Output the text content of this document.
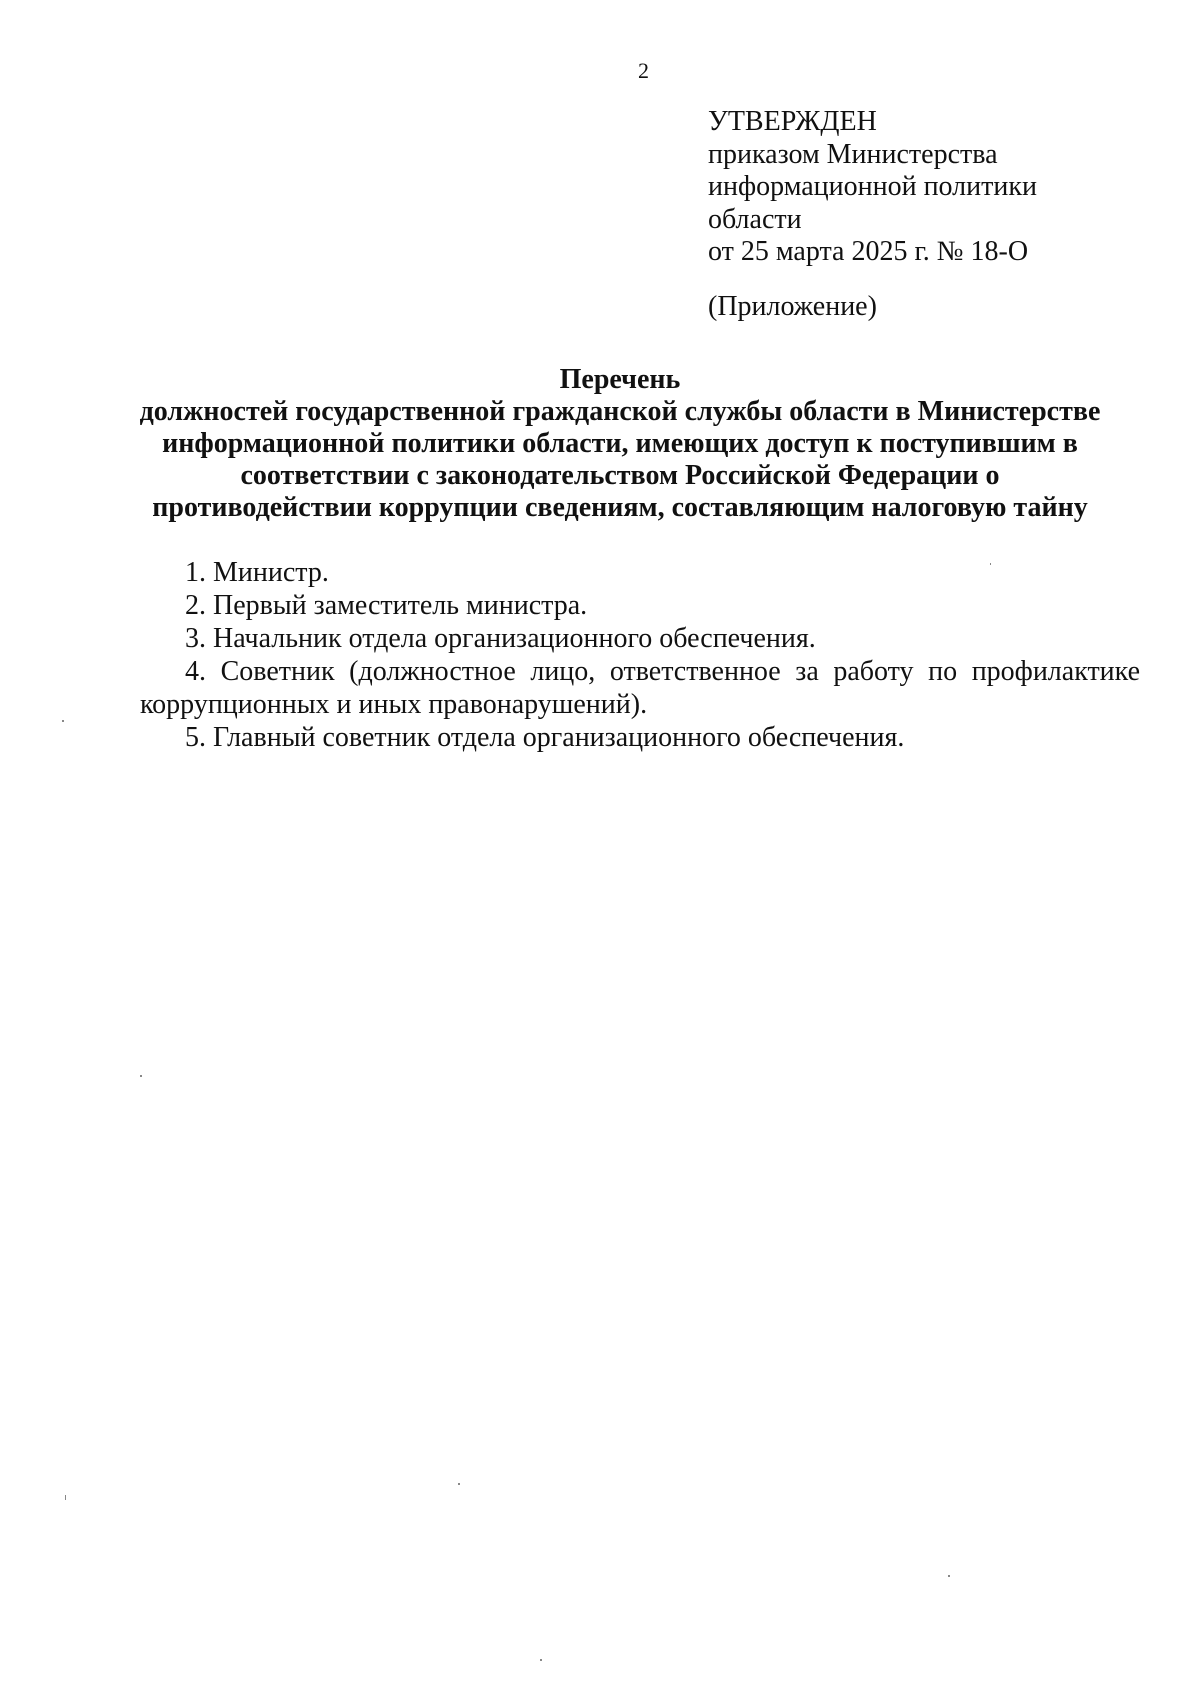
2
УТВЕРЖДЕН
приказом Министерства
информационной политики
области
от 25 марта 2025 г. № 18-О
(Приложение)
Перечень
должностей государственной гражданской службы области в Министерстве
информационной политики области, имеющих доступ к поступившим в
соответствии с законодательством Российской Федерации о
противодействии коррупции сведениям, составляющим налоговую тайну
1. Министр.
2. Первый заместитель министра.
3. Начальник отдела организационного обеспечения.
4. Советник (должностное лицо, ответственное за работу по профилактике коррупционных и иных правонарушений).
5. Главный советник отдела организационного обеспечения.
